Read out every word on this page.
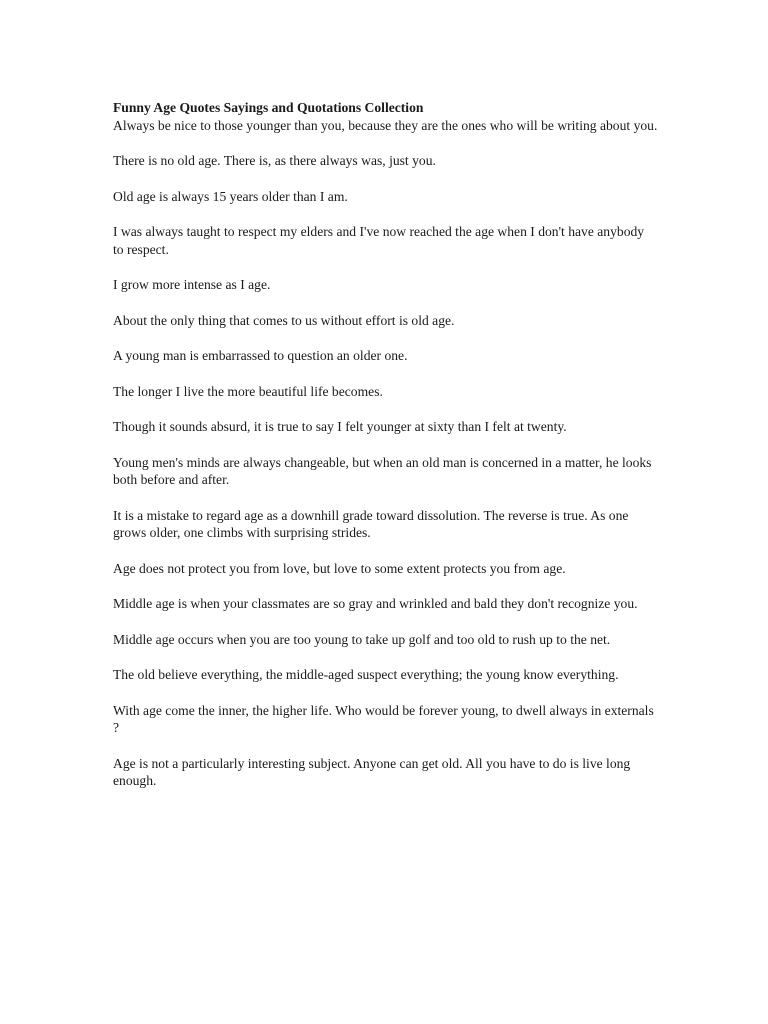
Funny Age Quotes Sayings and Quotations Collection

Always be nice to those younger than you, because they are the ones who will be writing about you.

There is no old age. There is, as there always was, just you.

Old age is always 15 years older than I am.

I was always taught to respect my elders and I've now reached the age when I don't have anybody to respect.

I grow more intense as I age.

About the only thing that comes to us without effort is old age.

A young man is embarrassed to question an older one.

The longer I live the more beautiful life becomes.

Though it sounds absurd, it is true to say I felt younger at sixty than I felt at twenty.

Young men's minds are always changeable, but when an old man is concerned in a matter, he looks both before and after.

It is a mistake to regard age as a downhill grade toward dissolution. The reverse is true. As one grows older, one climbs with surprising strides.

Age does not protect you from love, but love to some extent protects you from age.

Middle age is when your classmates are so gray and wrinkled and bald they don't recognize you.

Middle age occurs when you are too young to take up golf and too old to rush up to the net.

The old believe everything, the middle-aged suspect everything; the young know everything.

With age come the inner, the higher life. Who would be forever young, to dwell always in externals ?

Age is not a particularly interesting subject. Anyone can get old. All you have to do is live long enough.
